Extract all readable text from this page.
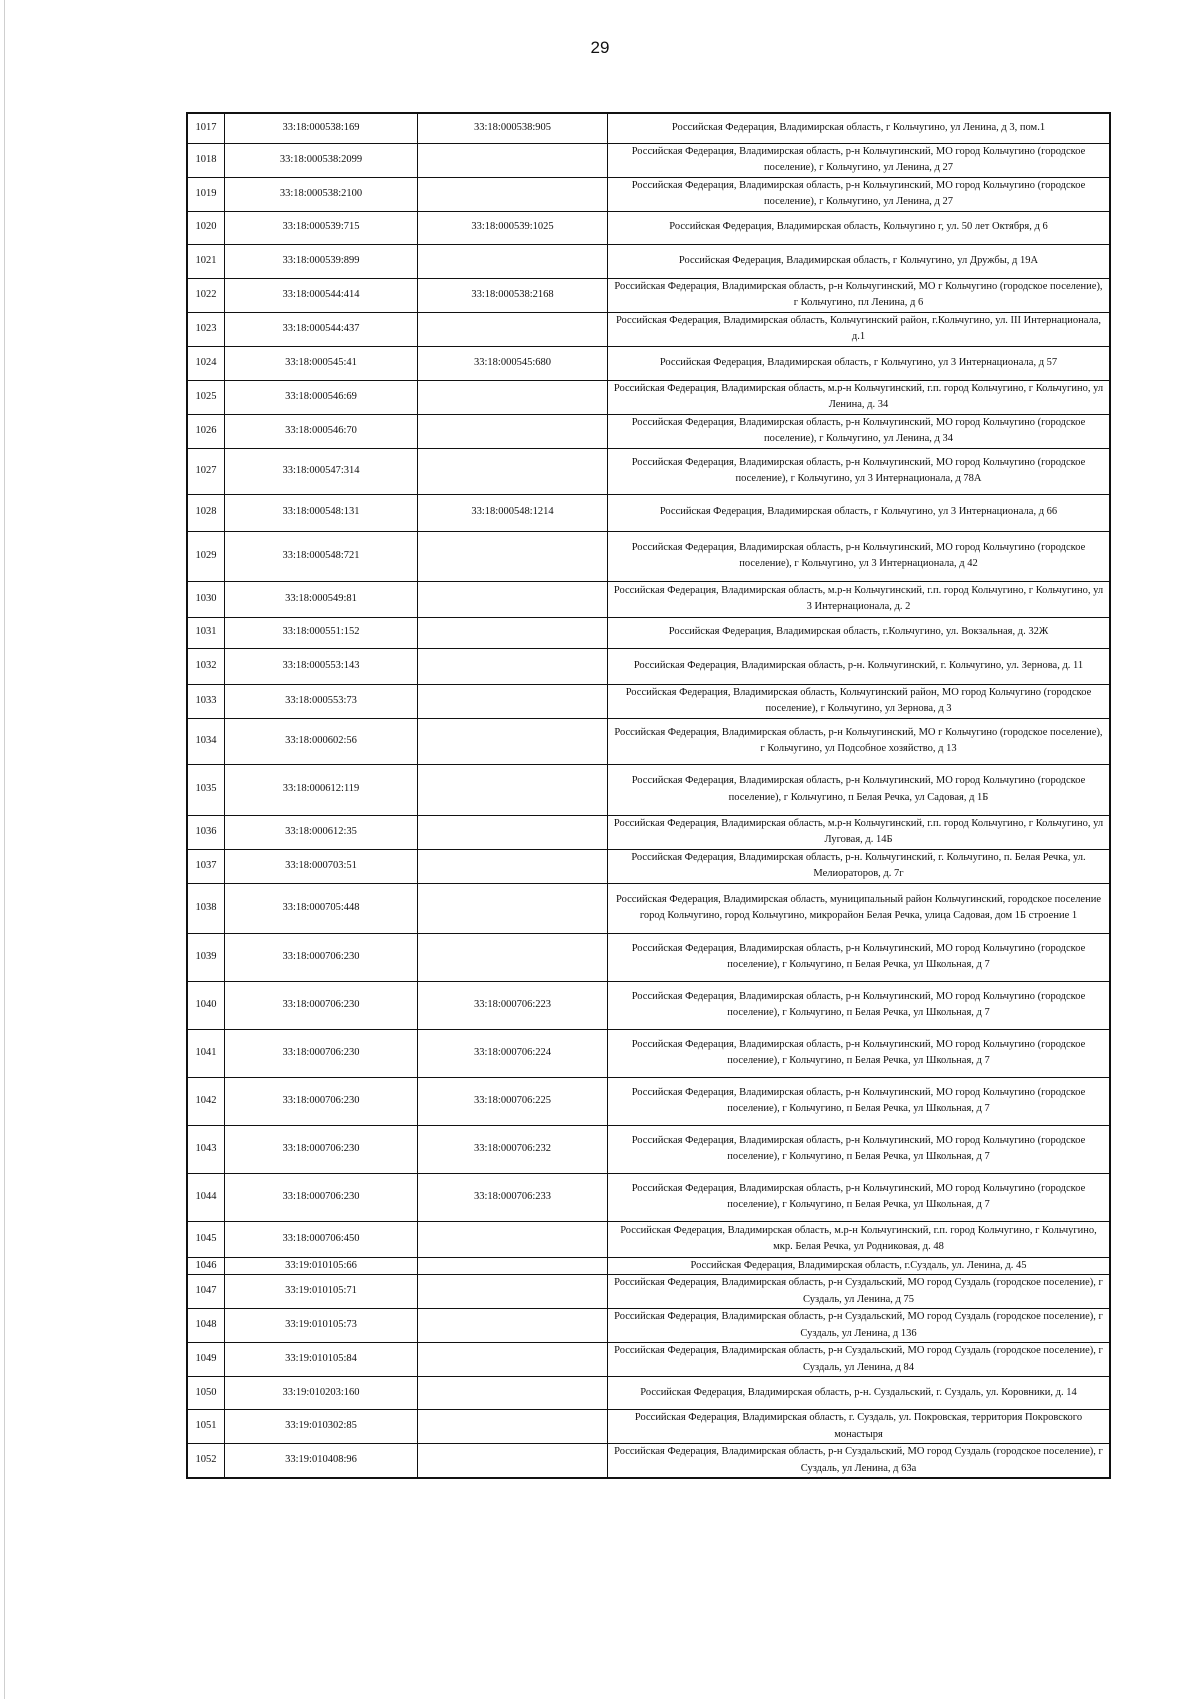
29
1017	33:18:000538:169	33:18:000538:905	Российская Федерация, Владимирская область, г Кольчугино, ул Ленина, д 3, пом.1
1018	33:18:000538:2099		Российская Федерация, Владимирская область, р-н Кольчугинский, МО город Кольчугино (городское поселение), г Кольчугино, ул Ленина, д 27
1019	33:18:000538:2100		Российская Федерация, Владимирская область, р-н Кольчугинский, МО город Кольчугино (городское поселение), г Кольчугино, ул Ленина, д 27
1020	33:18:000539:715	33:18:000539:1025	Российская Федерация, Владимирская область, Кольчугино г, ул. 50 лет Октября, д 6
1021	33:18:000539:899		Российская Федерация, Владимирская область, г Кольчугино, ул Дружбы, д 19А
1022	33:18:000544:414	33:18:000538:2168	Российская Федерация, Владимирская область, р-н Кольчугинский, МО г Кольчугино (городское поселение), г Кольчугино, пл Ленина, д 6
1023	33:18:000544:437		Российская Федерация, Владимирская область, Кольчугинский район, г.Кольчугино, ул. III Интернационала, д.1
1024	33:18:000545:41	33:18:000545:680	Российская Федерация, Владимирская область, г Кольчугино, ул 3 Интернационала, д 57
1025	33:18:000546:69		Российская Федерация, Владимирская область, м.р-н Кольчугинский, г.п. город Кольчугино, г Кольчугино, ул Ленина, д. 34
1026	33:18:000546:70		Российская Федерация, Владимирская область, р-н Кольчугинский, МО город Кольчугино (городское поселение), г Кольчугино, ул Ленина, д 34
1027	33:18:000547:314		Российская Федерация, Владимирская область, р-н Кольчугинский, МО город Кольчугино (городское поселение), г Кольчугино, ул 3 Интернационала, д 78А
1028	33:18:000548:131	33:18:000548:1214	Российская Федерация, Владимирская область, г Кольчугино, ул 3 Интернационала, д 66
1029	33:18:000548:721		Российская Федерация, Владимирская область, р-н Кольчугинский, МО город Кольчугино (городское поселение), г Кольчугино, ул 3 Интернационала, д 42
1030	33:18:000549:81		Российская Федерация, Владимирская область, м.р-н Кольчугинский, г.п. город Кольчугино, г Кольчугино, ул 3 Интернационала, д. 2
1031	33:18:000551:152		Российская Федерация, Владимирская область, г.Кольчугино, ул. Вокзальная, д. 32Ж
1032	33:18:000553:143		Российская Федерация, Владимирская область, р-н. Кольчугинский, г. Кольчугино, ул. Зернова, д. 11
1033	33:18:000553:73		Российская Федерация, Владимирская область, Кольчугинский район, МО город Кольчугино (городское поселение), г Кольчугино, ул Зернова, д 3
1034	33:18:000602:56		Российская Федерация, Владимирская область, р-н Кольчугинский, МО г Кольчугино (городское поселение), г Кольчугино, ул Подсобное хозяйство, д 13
1035	33:18:000612:119		Российская Федерация, Владимирская область, р-н Кольчугинский, МО город Кольчугино (городское поселение), г Кольчугино, п Белая Речка, ул Садовая, д 1Б
1036	33:18:000612:35		Российская Федерация, Владимирская область, м.р-н Кольчугинский, г.п. город Кольчугино, г Кольчугино, ул Луговая, д. 14Б
1037	33:18:000703:51		Российская Федерация, Владимирская область, р-н. Кольчугинский, г. Кольчугино, п. Белая Речка, ул. Мелиораторов, д. 7г
1038	33:18:000705:448		Российская Федерация, Владимирская область, муниципальный район Кольчугинский, городское поселение город Кольчугино, город Кольчугино, микрорайон Белая Речка, улица Садовая, дом 1Б строение 1
1039	33:18:000706:230		Российская Федерация, Владимирская область, р-н Кольчугинский, МО город Кольчугино (городское поселение), г Кольчугино, п Белая Речка, ул Школьная, д 7
1040	33:18:000706:230	33:18:000706:223	Российская Федерация, Владимирская область, р-н Кольчугинский, МО город Кольчугино (городское поселение), г Кольчугино, п Белая Речка, ул Школьная, д 7
1041	33:18:000706:230	33:18:000706:224	Российская Федерация, Владимирская область, р-н Кольчугинский, МО город Кольчугино (городское поселение), г Кольчугино, п Белая Речка, ул Школьная, д 7
1042	33:18:000706:230	33:18:000706:225	Российская Федерация, Владимирская область, р-н Кольчугинский, МО город Кольчугино (городское поселение), г Кольчугино, п Белая Речка, ул Школьная, д 7
1043	33:18:000706:230	33:18:000706:232	Российская Федерация, Владимирская область, р-н Кольчугинский, МО город Кольчугино (городское поселение), г Кольчугино, п Белая Речка, ул Школьная, д 7
1044	33:18:000706:230	33:18:000706:233	Российская Федерация, Владимирская область, р-н Кольчугинский, МО город Кольчугино (городское поселение), г Кольчугино, п Белая Речка, ул Школьная, д 7
1045	33:18:000706:450		Российская Федерация, Владимирская область, м.р-н Кольчугинский, г.п. город Кольчугино, г Кольчугино, мкр. Белая Речка, ул Родниковая, д. 48
1046	33:19:010105:66		Российская Федерация, Владимирская область, г.Суздаль, ул. Ленина, д. 45
1047	33:19:010105:71		Российская Федерация, Владимирская область, р-н Суздальский, МО город Суздаль (городское поселение), г Суздаль, ул Ленина, д 75
1048	33:19:010105:73		Российская Федерация, Владимирская область, р-н Суздальский, МО город Суздаль (городское поселение), г Суздаль, ул Ленина, д 136
1049	33:19:010105:84		Российская Федерация, Владимирская область, р-н Суздальский, МО город Суздаль (городское поселение), г Суздаль, ул Ленина, д 84
1050	33:19:010203:160		Российская Федерация, Владимирская область, р-н. Суздальский, г. Суздаль, ул. Коровники, д. 14
1051	33:19:010302:85		Российская Федерация, Владимирская область, г. Суздаль, ул. Покровская, территория Покровского монастыря
1052	33:19:010408:96		Российская Федерация, Владимирская область, р-н Суздальский, МО город Суздаль (городское поселение), г Суздаль, ул Ленина, д 63а
